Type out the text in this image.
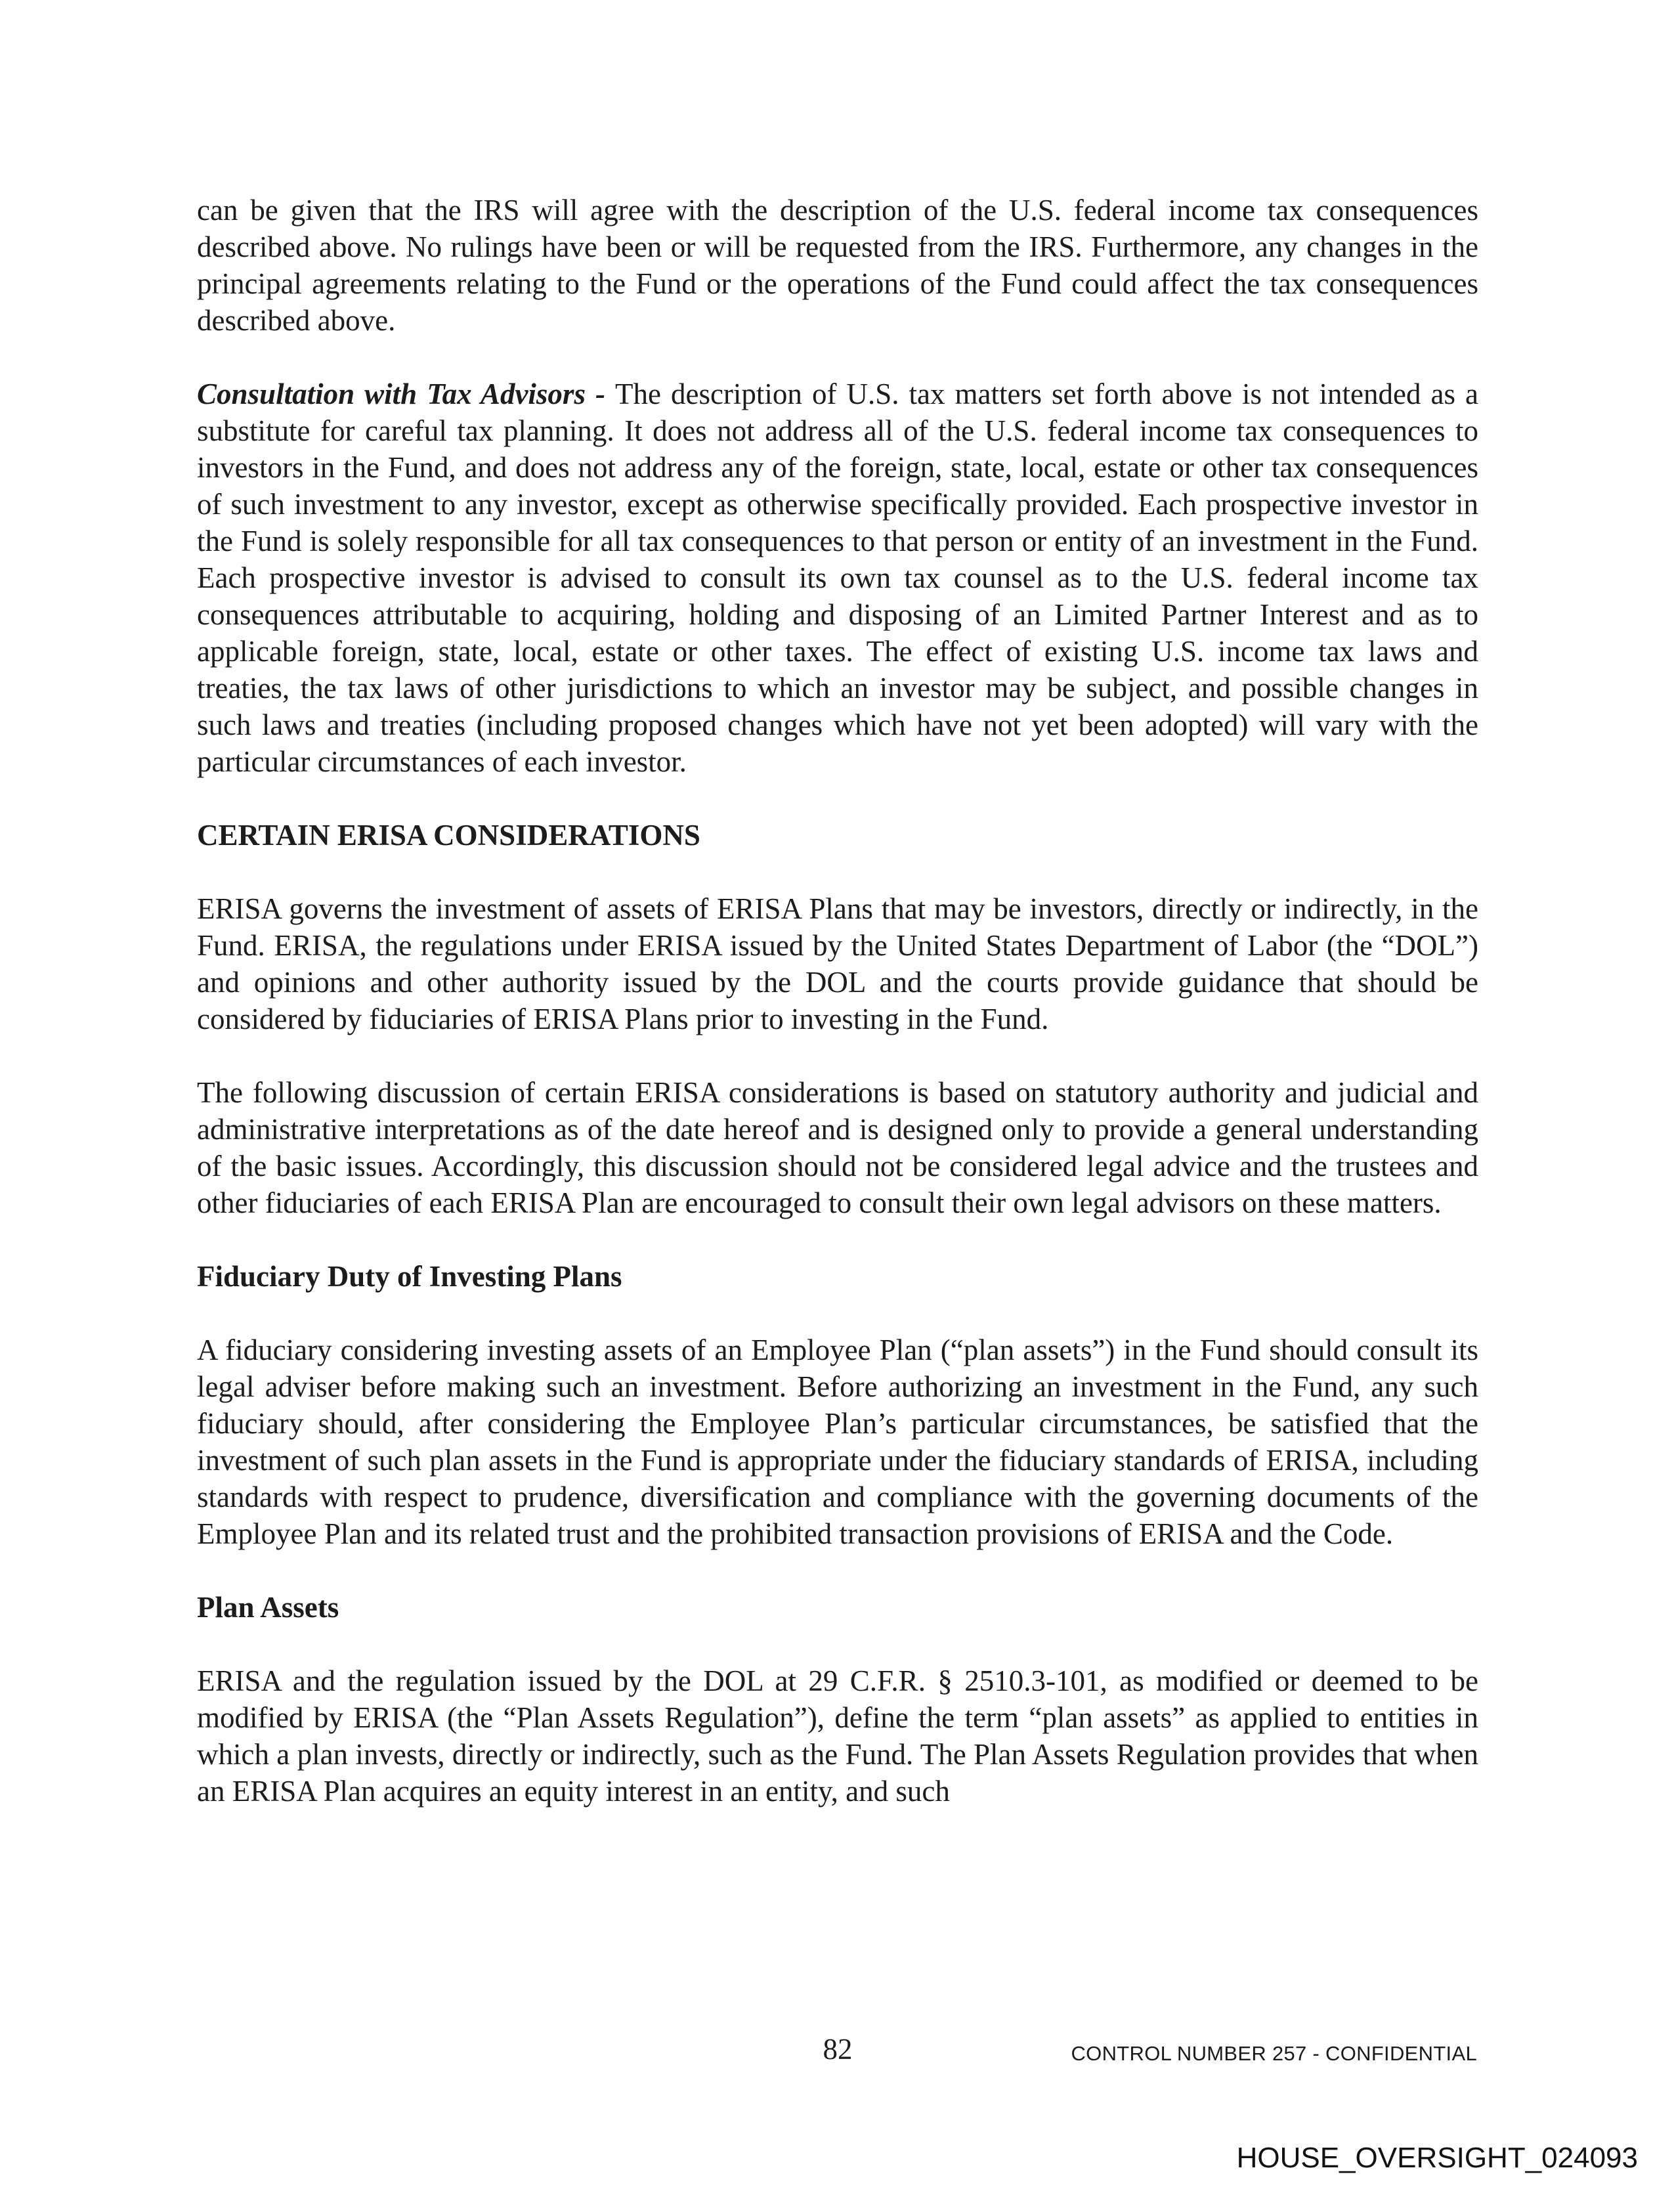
can be given that the IRS will agree with the description of the U.S. federal income tax consequences described above. No rulings have been or will be requested from the IRS. Furthermore, any changes in the principal agreements relating to the Fund or the operations of the Fund could affect the tax consequences described above.

Consultation with Tax Advisors - The description of U.S. tax matters set forth above is not intended as a substitute for careful tax planning. It does not address all of the U.S. federal income tax consequences to investors in the Fund, and does not address any of the foreign, state, local, estate or other tax consequences of such investment to any investor, except as otherwise specifically provided. Each prospective investor in the Fund is solely responsible for all tax consequences to that person or entity of an investment in the Fund. Each prospective investor is advised to consult its own tax counsel as to the U.S. federal income tax consequences attributable to acquiring, holding and disposing of an Limited Partner Interest and as to applicable foreign, state, local, estate or other taxes. The effect of existing U.S. income tax laws and treaties, the tax laws of other jurisdictions to which an investor may be subject, and possible changes in such laws and treaties (including proposed changes which have not yet been adopted) will vary with the particular circumstances of each investor.

CERTAIN ERISA CONSIDERATIONS

ERISA governs the investment of assets of ERISA Plans that may be investors, directly or indirectly, in the Fund. ERISA, the regulations under ERISA issued by the United States Department of Labor (the “DOL”) and opinions and other authority issued by the DOL and the courts provide guidance that should be considered by fiduciaries of ERISA Plans prior to investing in the Fund.

The following discussion of certain ERISA considerations is based on statutory authority and judicial and administrative interpretations as of the date hereof and is designed only to provide a general understanding of the basic issues. Accordingly, this discussion should not be considered legal advice and the trustees and other fiduciaries of each ERISA Plan are encouraged to consult their own legal advisors on these matters.

Fiduciary Duty of Investing Plans

A fiduciary considering investing assets of an Employee Plan (“plan assets”) in the Fund should consult its legal adviser before making such an investment. Before authorizing an investment in the Fund, any such fiduciary should, after considering the Employee Plan’s particular circumstances, be satisfied that the investment of such plan assets in the Fund is appropriate under the fiduciary standards of ERISA, including standards with respect to prudence, diversification and compliance with the governing documents of the Employee Plan and its related trust and the prohibited transaction provisions of ERISA and the Code.

Plan Assets

ERISA and the regulation issued by the DOL at 29 C.F.R. § 2510.3-101, as modified or deemed to be modified by ERISA (the “Plan Assets Regulation”), define the term “plan assets” as applied to entities in which a plan invests, directly or indirectly, such as the Fund. The Plan Assets Regulation provides that when an ERISA Plan acquires an equity interest in an entity, and such

82	CONTROL NUMBER 257 - CONFIDENTIAL
HOUSE_OVERSIGHT_024093
